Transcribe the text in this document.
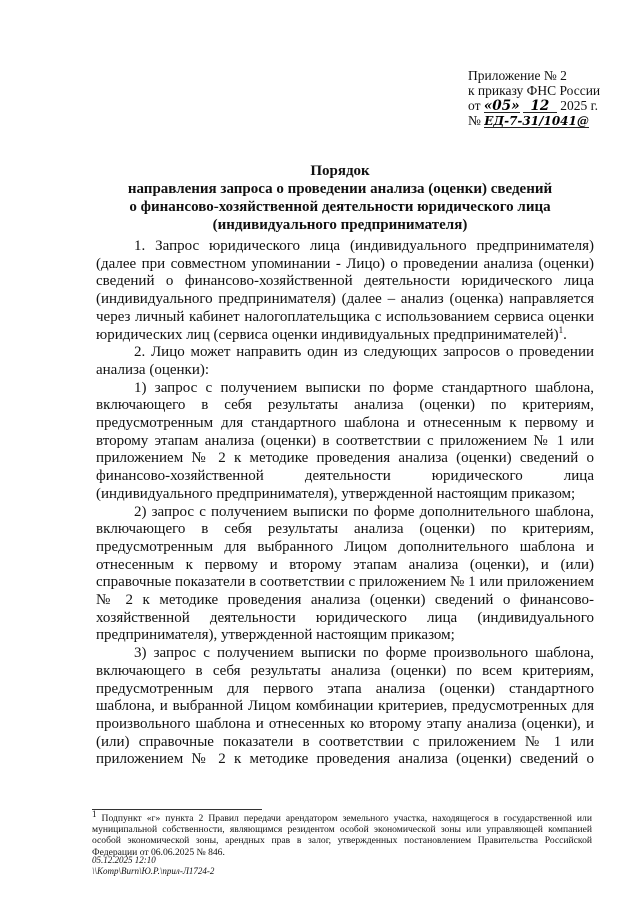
Приложение № 2
к приказу ФНС России
от «05» 12 2025 г.
№ ЕД-7-31/1041@
Порядок
направления запроса о проведении анализа (оценки) сведений
о финансово-хозяйственной деятельности юридического лица
(индивидуального предпринимателя)
1. Запрос юридического лица (индивидуального предпринимателя) (далее при совместном упоминании - Лицо) о проведении анализа (оценки) сведений о финансово-хозяйственной деятельности юридического лица (индивидуального предпринимателя) (далее – анализ (оценка) направляется через личный кабинет налогоплательщика с использованием сервиса оценки юридических лиц (сервиса оценки индивидуальных предпринимателей)$^1$.
2. Лицо может направить один из следующих запросов о проведении анализа (оценки):
1) запрос с получением выписки по форме стандартного шаблона, включающего в себя результаты анализа (оценки) по критериям, предусмотренным для стандартного шаблона и отнесенным к первому и второму этапам анализа (оценки) в соответствии с приложением № 1 или приложением № 2 к методике проведения анализа (оценки) сведений о финансово-хозяйственной деятельности юридического лица (индивидуального предпринимателя), утвержденной настоящим приказом;
2) запрос с получением выписки по форме дополнительного шаблона, включающего в себя результаты анализа (оценки) по критериям, предусмотренным для выбранного Лицом дополнительного шаблона и отнесенным к первому и второму этапам анализа (оценки), и (или) справочные показатели в соответствии с приложением № 1 или приложением № 2 к методике проведения анализа (оценки) сведений о финансово-хозяйственной деятельности юридического лица (индивидуального предпринимателя), утвержденной настоящим приказом;
3) запрос с получением выписки по форме произвольного шаблона, включающего в себя результаты анализа (оценки) по всем критериям, предусмотренным для первого этапа анализа (оценки) стандартного шаблона, и выбранной Лицом комбинации критериев, предусмотренных для произвольного шаблона и отнесенных ко второму этапу анализа (оценки), и (или) справочные показатели в соответствии с приложением № 1 или приложением № 2 к методике проведения анализа (оценки) сведений о
$^1$ Подпункт «г» пункта 2 Правил передачи арендатором земельного участка, находящегося в государственной или муниципальной собственности, являющимся резидентом особой экономической зоны или управляющей компанией особой экономической зоны, арендных прав в залог, утвержденных постановлением Правительства Российской Федерации от 06.06.2025 № 846.
05.12.2025 12:10
\\Komp\Burn\Ю.Р.\прил-Л1724-2
